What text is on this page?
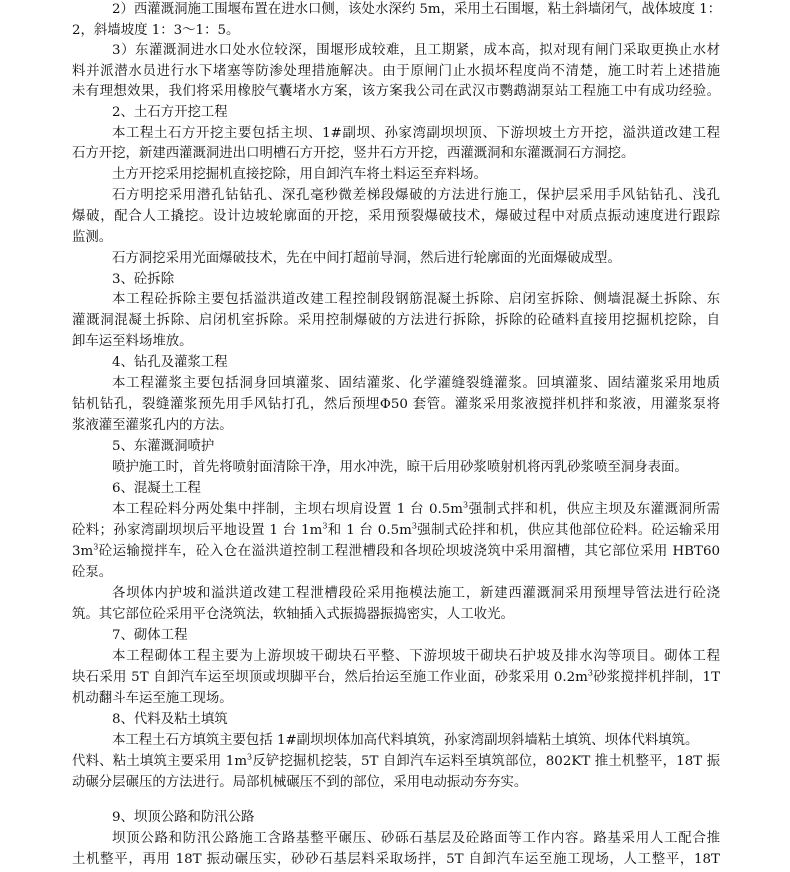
2）西灌溉洞施工围堰布置在进水口侧，该处水深约 5m，采用土石围堰，粘土斜墙闭气，战体坡度 1：
2，斜墙坡度 1：3～1：5。
3）东灌溉洞进水口处水位较深，围堰形成较难，且工期紧，成本高，拟对现有闸门采取更换止水材
料并派潜水员进行水下堵塞等防渗处理措施解决。由于原闸门止水损坏程度尚不清楚，施工时若上述措施
未有理想效果，我们将采用橡胶气囊堵水方案，该方案我公司在武汉市鹦鹉湖泵站工程施工中有成功经验。
2、土石方开挖工程
本工程土石方开挖主要包括主坝、1#副坝、孙家湾副坝坝顶、下游坝坡土方开挖，溢洪道改建工程
石方开挖，新建西灌溉洞进出口明槽石方开挖，竖井石方开挖，西灌溉洞和东灌溉洞石方洞挖。
土方开挖采用挖掘机直接挖除，用自卸汽车将土料运至弃料场。
石方明挖采用潜孔钻钻孔、深孔毫秒微差梯段爆破的方法进行施工，保护层采用手风钻钻孔、浅孔
爆破，配合人工撬挖。设计边坡轮廓面的开挖，采用预裂爆破技术，爆破过程中对质点振动速度进行跟踪
监测。
石方洞挖采用光面爆破技术，先在中间打超前导洞，然后进行轮廓面的光面爆破成型。
3、砼拆除
本工程砼拆除主要包括溢洪道改建工程控制段钢筋混凝土拆除、启闭室拆除、侧墙混凝土拆除、东
灌溉洞混凝土拆除、启闭机室拆除。采用控制爆破的方法进行拆除，拆除的砼碴料直接用挖掘机挖除，自
卸车运至料场堆放。
4、钻孔及灌浆工程
本工程灌浆主要包括洞身回填灌浆、固结灌浆、化学灌缝裂缝灌浆。回填灌浆、固结灌浆采用地质
钻机钻孔，裂缝灌浆预先用手风钻打孔，然后预埋Φ50 套管。灌浆采用浆液搅拌机拌和浆液，用灌浆泵将
浆液灌至灌浆孔内的方法。
5、东灌溉洞喷护
喷护施工时，首先将喷射面清除干净，用水冲洗，晾干后用砂浆喷射机将丙乳砂浆喷至洞身表面。
6、混凝土工程
本工程砼料分两处集中拌制，主坝右坝肩设置 1 台 $0.5m^3$强制式拌和机，供应主坝及东灌溉洞所需
砼料；孙家湾副坝坝后平地设置 1 台 $1m^3$和 1 台 $0.5m^3$强制式砼拌和机，供应其他部位砼料。砼运输采用
$3m^3$砼运输搅拌车，砼入仓在溢洪道控制工程泄槽段和各坝砼坝坡浇筑中采用溜槽，其它部位采用 HBT60
砼泵。
各坝体内护坡和溢洪道改建工程泄槽段砼采用拖模法施工，新建西灌溉洞采用预埋导管法进行砼浇
筑。其它部位砼采用平仓浇筑法，软轴插入式振捣器振捣密实，人工收光。
7、砌体工程
本工程砌体工程主要为上游坝坡干砌块石平整、下游坝坡干砌块石护坡及排水沟等项目。砌体工程
块石采用 5T 自卸汽车运至坝顶或坝脚平台，然后抬运至施工作业面，砂浆采用 $0.2m^3$砂浆搅拌机拌制，1T
机动翻斗车运至施工现场。
8、代料及粘土填筑
本工程土石方填筑主要包括 1#副坝坝体加高代料填筑，孙家湾副坝斜墙粘土填筑、坝体代料填筑。
代料、粘土填筑主要采用 $1m^3$反铲挖掘机挖装，5T 自卸汽车运料至填筑部位，802KT 推土机整平，18T 振
动碾分层碾压的方法进行。局部机械碾压不到的部位，采用电动振动夯夯实。
9、坝顶公路和防汛公路
坝顶公路和防汛公路施工含路基整平碾压、砂砾石基层及砼路面等工作内容。路基采用人工配合推
土机整平，再用 18T 振动碾压实，砂砂石基层料采取场拌，5T 自卸汽车运至施工现场，人工整平，18T
